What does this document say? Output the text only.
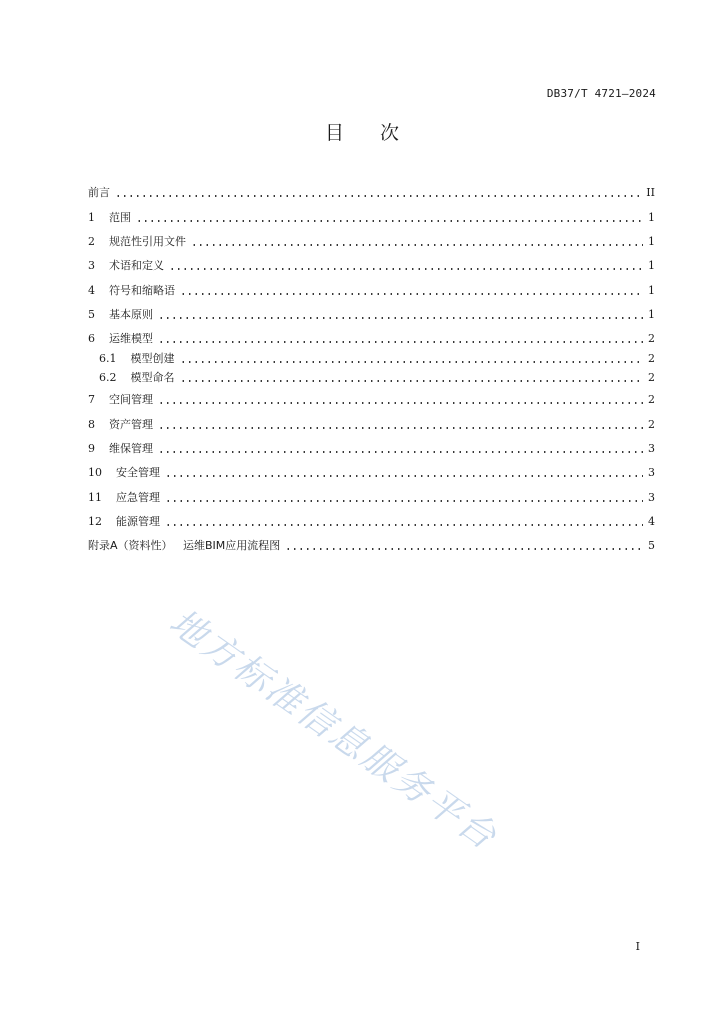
DB37/T 4721—2024
目次
前言	II
1 范围	1
2 规范性引用文件	1
3 术语和定义	1
4 符号和缩略语	1
5 基本原则	1
6 运维模型	2
6.1 模型创建	2
6.2 模型命名	2
7 空间管理	2
8 资产管理	2
9 维保管理	3
10 安全管理	3
11 应急管理	3
12 能源管理	4
附录A（资料性）   运维BIM应用流程图	5
地方标准信息服务平台
I
